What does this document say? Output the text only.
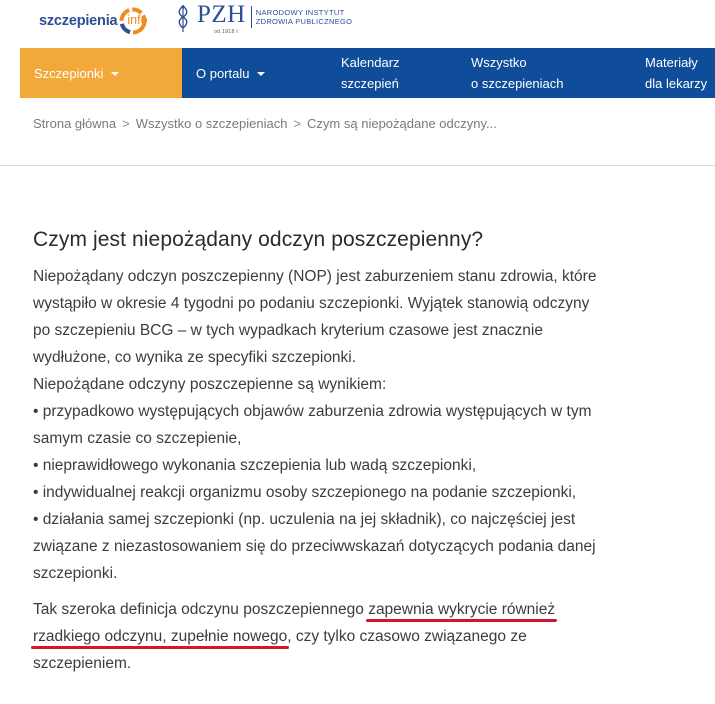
szczepienia info PZH
od 1918 r.
NARODOWY INSTYTUT
ZDROWIA PUBLICZNEGO
Szczepionki	O portalu
Kalendarz
szczepień
Wszystko
o szczepieniach
Materiały
dla lekarzy
Strona główna > Wszystko o szczepieniach > Czym są niepożądane odczyny...
Czym jest niepożądany odczyn poszczepienny?

Niepożądany odczyn poszczepienny (NOP) jest zaburzeniem stanu zdrowia, które
wystąpiło w okresie 4 tygodni po podaniu szczepionki. Wyjątek stanowią odczyny
po szczepieniu BCG – w tych wypadkach kryterium czasowe jest znacznie
wydłużone, co wynika ze specyfiki szczepionki.
Niepożądane odczyny poszczepienne są wynikiem:
• przypadkowo występujących objawów zaburzenia zdrowia występujących w tym
samym czasie co szczepienie,
• nieprawidłowego wykonania szczepienia lub wadą szczepionki,
• indywidualnej reakcji organizmu osoby szczepionego na podanie szczepionki,
• działania samej szczepionki (np. uczulenia na jej składnik), co najczęściej jest
związane z niezastosowaniem się do przeciwwskazań dotyczących podania danej
szczepionki.

Tak szeroka definicja odczynu poszczepiennego zapewnia wykrycie również
rzadkiego odczynu, zupełnie nowego, czy tylko czasowo związanego ze
szczepieniem.
